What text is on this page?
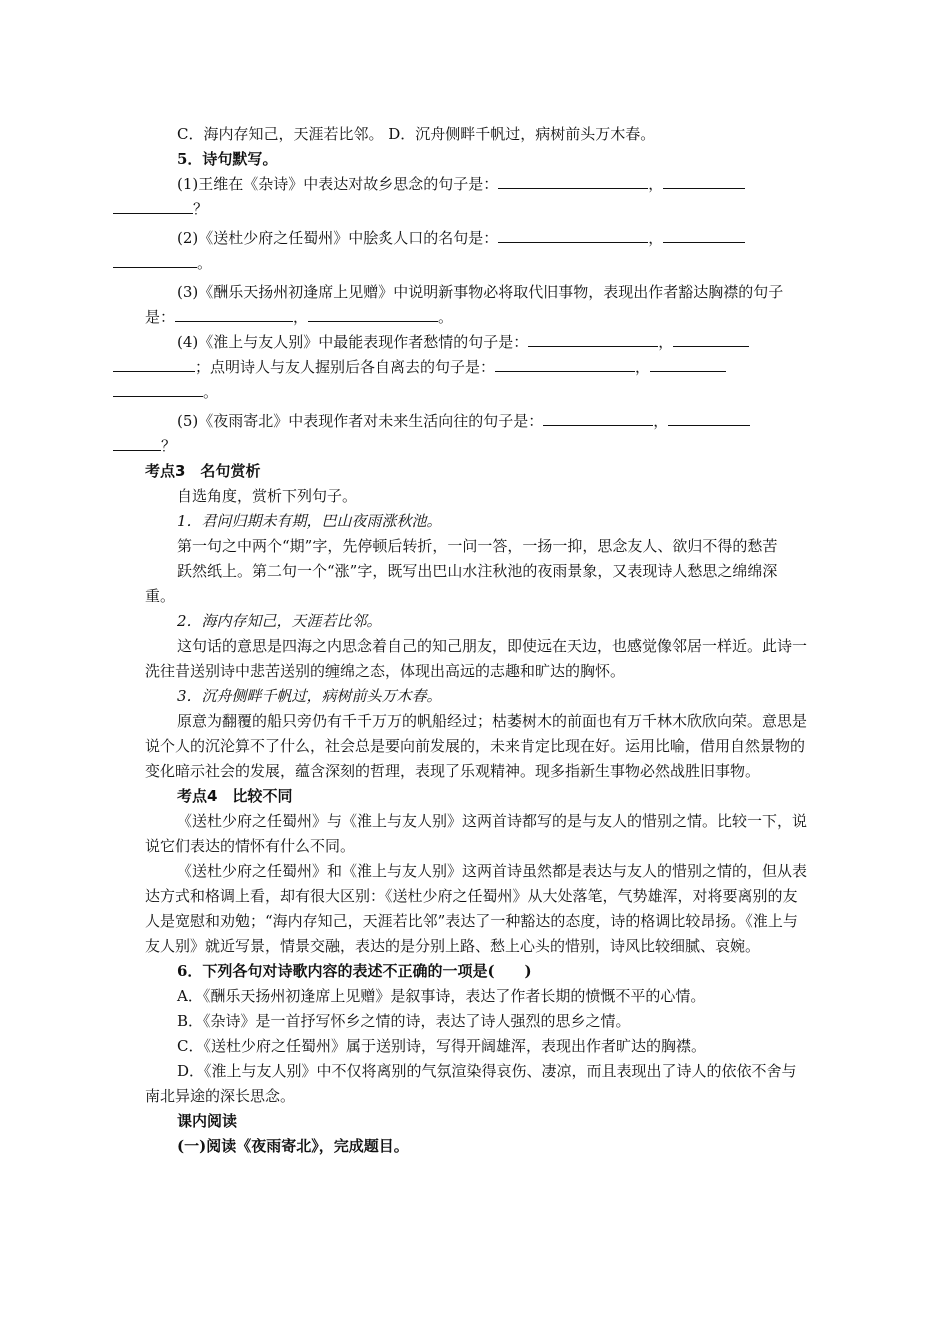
C．海内存知己，天涯若比邻。 D．沉舟侧畔千帆过，病树前头万木春。

5．诗句默写。

(1)王维在《杂诗》中表达对故乡思念的句子是：	，
？

(2)《送杜少府之任蜀州》中脍炙人口的名句是：	，
。

(3)《酬乐天扬州初逢席上见赠》中说明新事物必将取代旧事物，表现出作者豁达胸襟的句子是：	，	。

(4)《淮上与友人别》中最能表现作者愁情的句子是：	，
；点明诗人与友人握别后各自离去的句子是：	，
。

(5)《夜雨寄北》中表现作者对未来生活向往的句子是：	，
？

考点3　名句赏析

自选角度，赏析下列句子。

1．君问归期未有期，巴山夜雨涨秋池。

第一句之中两个“期”字，先停顿后转折，一问一答，一扬一抑，思念友人、欲归不得的愁苦

跃然纸上。第二句一个“涨”字，既写出巴山水注秋池的夜雨景象，又表现诗人愁思之绵绵深重。

2．海内存知己，天涯若比邻。

这句话的意思是四海之内思念着自己的知己朋友，即使远在天边，也感觉像邻居一样近。此诗一洗往昔送别诗中悲苦送别的缠绵之态，体现出高远的志趣和旷达的胸怀。

3．沉舟侧畔千帆过，病树前头万木春。

原意为翻覆的船只旁仍有千千万万的帆船经过；枯萎树木的前面也有万千林木欣欣向荣。意思是说个人的沉沦算不了什么，社会总是要向前发展的，未来肯定比现在好。运用比喻，借用自然景物的变化暗示社会的发展，蕴含深刻的哲理，表现了乐观精神。现多指新生事物必然战胜旧事物。

考点4　比较不同

《送杜少府之任蜀州》与《淮上与友人别》这两首诗都写的是与友人的惜别之情。比较一下，说说它们表达的情怀有什么不同。

《送杜少府之任蜀州》和《淮上与友人别》这两首诗虽然都是表达与友人的惜别之情的，但从表达方式和格调上看，却有很大区别：《送杜少府之任蜀州》从大处落笔，气势雄浑，对将要离别的友人是宽慰和劝勉；“海内存知己，天涯若比邻”表达了一种豁达的态度，诗的格调比较昂扬。《淮上与友人别》就近写景，情景交融，表达的是分别上路、愁上心头的惜别，诗风比较细腻、哀婉。

6．下列各句对诗歌内容的表述不正确的一项是(　　)

A．《酬乐天扬州初逢席上见赠》是叙事诗，表达了作者长期的愤慨不平的心情。

B．《杂诗》是一首抒写怀乡之情的诗，表达了诗人强烈的思乡之情。

C．《送杜少府之任蜀州》属于送别诗，写得开阔雄浑，表现出作者旷达的胸襟。

D．《淮上与友人别》中不仅将离别的气氛渲染得哀伤、凄凉，而且表现出了诗人的依依不舍与南北异途的深长思念。

课内阅读

(一)阅读《夜雨寄北》，完成题目。
